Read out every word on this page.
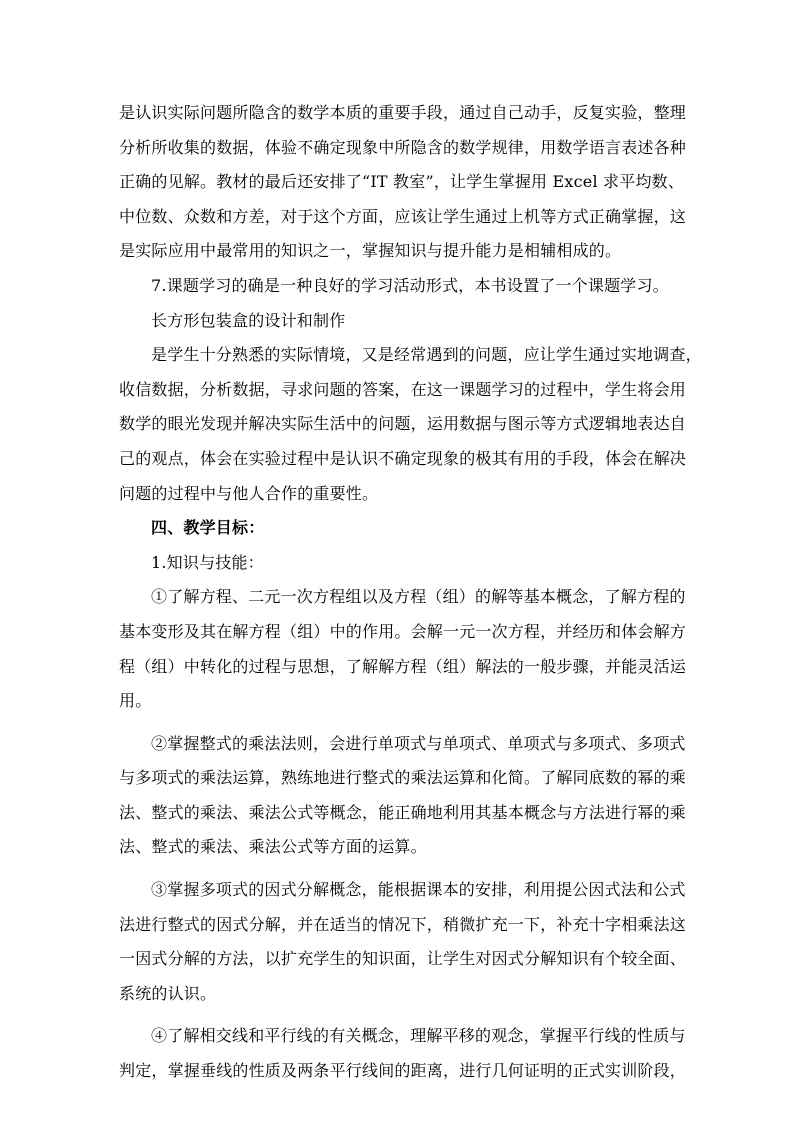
是认识实际问题所隐含的数学本质的重要手段，通过自己动手，反复实验，整理
分析所收集的数据，体验不确定现象中所隐含的数学规律，用数学语言表述各种
正确的见解。教材的最后还安排了“IT 教室”，让学生掌握用 Excel 求平均数、
中位数、众数和方差，对于这个方面，应该让学生通过上机等方式正确掌握，这
是实际应用中最常用的知识之一，掌握知识与提升能力是相辅相成的。
7.课题学习的确是一种良好的学习活动形式，本书设置了一个课题学习。
长方形包装盒的设计和制作
是学生十分熟悉的实际情境，又是经常遇到的问题，应让学生通过实地调查，
收信数据，分析数据，寻求问题的答案，在这一课题学习的过程中，学生将会用
数学的眼光发现并解决实际生活中的问题，运用数据与图示等方式逻辑地表达自
己的观点，体会在实验过程中是认识不确定现象的极其有用的手段，体会在解决
问题的过程中与他人合作的重要性。
四、教学目标：
1.知识与技能：
①了解方程、二元一次方程组以及方程（组）的解等基本概念，了解方程的
基本变形及其在解方程（组）中的作用。会解一元一次方程，并经历和体会解方
程（组）中转化的过程与思想，了解解方程（组）解法的一般步骤，并能灵活运
用。
②掌握整式的乘法法则，会进行单项式与单项式、单项式与多项式、多项式
与多项式的乘法运算，熟练地进行整式的乘法运算和化简。了解同底数的幂的乘
法、整式的乘法、乘法公式等概念，能正确地利用其基本概念与方法进行幂的乘
法、整式的乘法、乘法公式等方面的运算。
③掌握多项式的因式分解概念，能根据课本的安排，利用提公因式法和公式
法进行整式的因式分解，并在适当的情况下，稍微扩充一下，补充十字相乘法这
一因式分解的方法，以扩充学生的知识面，让学生对因式分解知识有个较全面、
系统的认识。
④了解相交线和平行线的有关概念，理解平移的观念，掌握平行线的性质与
判定，掌握垂线的性质及两条平行线间的距离，进行几何证明的正式实训阶段，
